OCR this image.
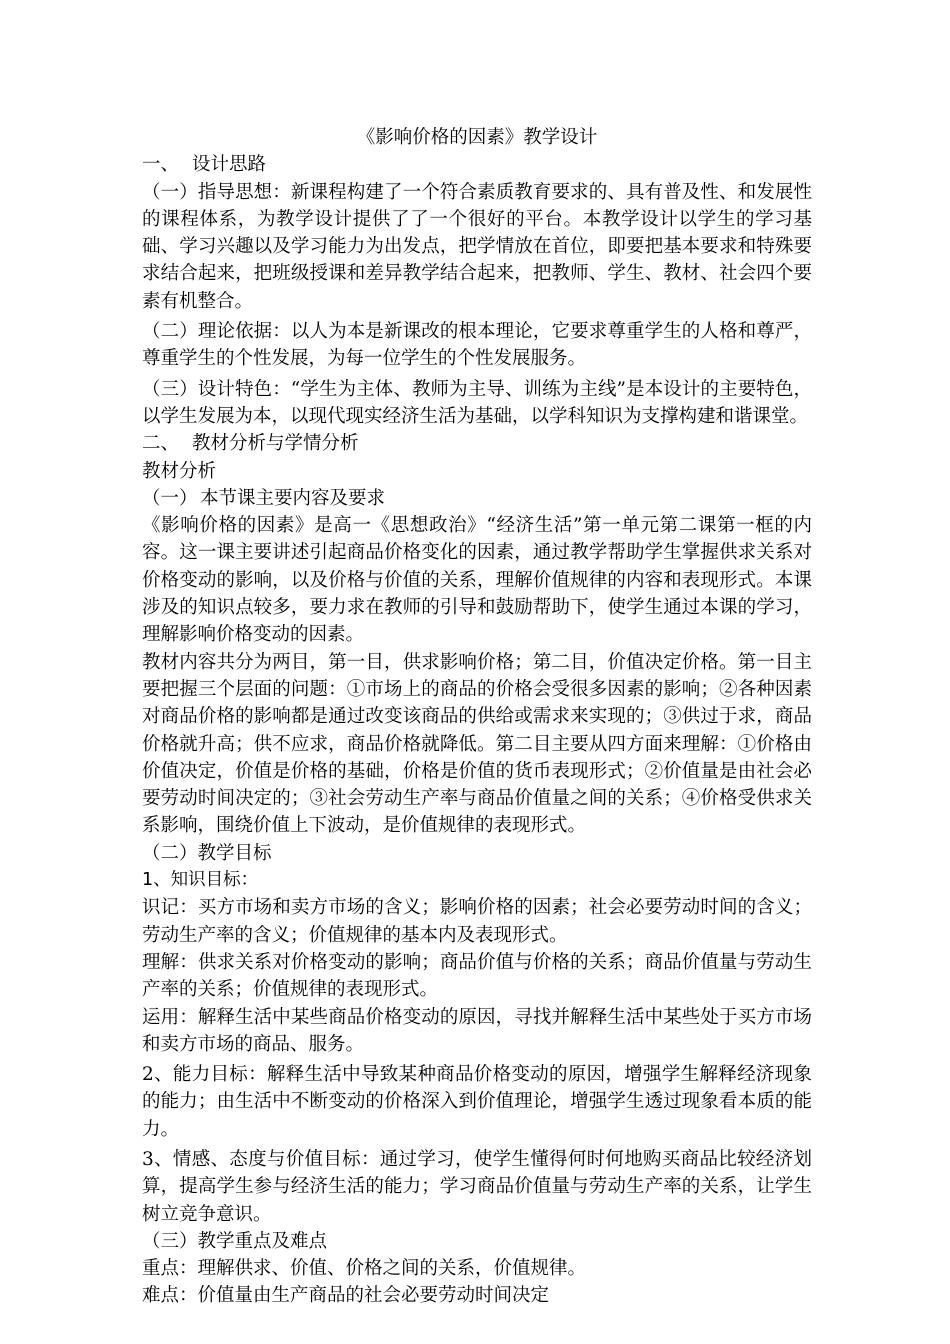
《影响价格的因素》教学设计

一、 设计思路

（一）指导思想：新课程构建了一个符合素质教育要求的、具有普及性、和发展性的课程体系，为教学设计提供了了一个很好的平台。本教学设计以学生的学习基础、学习兴趣以及学习能力为出发点，把学情放在首位，即要把基本要求和特殊要求结合起来，把班级授课和差异教学结合起来，把教师、学生、教材、社会四个要素有机整合。

（二）理论依据：以人为本是新课改的根本理论，它要求尊重学生的人格和尊严，尊重学生的个性发展，为每一位学生的个性发展服务。

（三）设计特色：“学生为主体、教师为主导、训练为主线”是本设计的主要特色，以学生发展为本，以现代现实经济生活为基础，以学科知识为支撑构建和谐课堂。

二、 教材分析与学情分析

教材分析

（一） 本节课主要内容及要求

《影响价格的因素》是高一《思想政治》“经济生活”第一单元第二课第一框的内容。这一课主要讲述引起商品价格变化的因素，通过教学帮助学生掌握供求关系对价格变动的影响，以及价格与价值的关系，理解价值规律的内容和表现形式。本课涉及的知识点较多，要力求在教师的引导和鼓励帮助下，使学生通过本课的学习，理解影响价格变动的因素。

教材内容共分为两目，第一目，供求影响价格；第二目，价值决定价格。第一目主要把握三个层面的问题：①市场上的商品的价格会受很多因素的影响；②各种因素对商品价格的影响都是通过改变该商品的供给或需求来实现的；③供过于求，商品价格就升高；供不应求，商品价格就降低。第二目主要从四方面来理解：①价格由价值决定，价值是价格的基础，价格是价值的货币表现形式；②价值量是由社会必要劳动时间决定的；③社会劳动生产率与商品价值量之间的关系；④价格受供求关系影响，围绕价值上下波动，是价值规律的表现形式。

（二）教学目标

1、知识目标：

识记：买方市场和卖方市场的含义；影响价格的因素；社会必要劳动时间的含义；劳动生产率的含义；价值规律的基本内及表现形式。

理解：供求关系对价格变动的影响；商品价值与价格的关系；商品价值量与劳动生产率的关系；价值规律的表现形式。

运用：解释生活中某些商品价格变动的原因，寻找并解释生活中某些处于买方市场和卖方市场的商品、服务。

2、能力目标：解释生活中导致某种商品价格变动的原因，增强学生解释经济现象的能力；由生活中不断变动的价格深入到价值理论，增强学生透过现象看本质的能力。

3、情感、态度与价值目标：通过学习，使学生懂得何时何地购买商品比较经济划算，提高学生参与经济生活的能力；学习商品价值量与劳动生产率的关系，让学生树立竞争意识。

（三）教学重点及难点

重点：理解供求、价值、价格之间的关系，价值规律。

难点：价值量由生产商品的社会必要劳动时间决定
